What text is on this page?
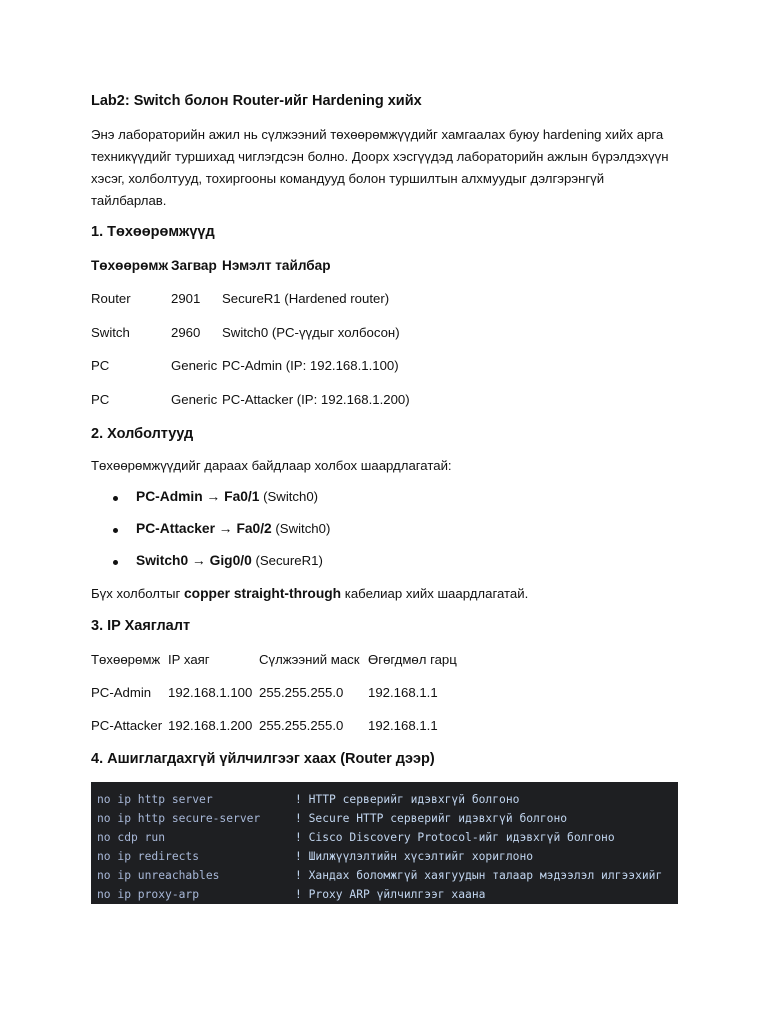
Lab2: Switch болон Router-ийг Hardening хийх
Энэ лабораторийн ажил нь сүлжээний төхөөрөмжүүдийг хамгаалах буюу hardening хийх арга техникүүдийг туршихад чиглэгдсэн болно. Доорх хэсгүүдэд лабораторийн ажлын бүрэлдэхүүн хэсэг, холболтууд, тохиргооны командууд болон туршилтын алхмуудыг дэлгэрэнгүй тайлбарлав.
1. Төхөөрөмжүүд
Төхөөрөмж Загвар Нэмэлт тайлбар
Router	2901 SecureR1 (Hardened router)
Switch	2960 Switch0 (PC-үүдыг холбосон)
PC	Generic PC-Admin (IP: 192.168.1.100)
PC	Generic PC-Attacker (IP: 192.168.1.200)
2. Холболтууд
Төхөөрөмжүүдийг дараах байдлаар холбох шаардлагатай:
PC-Admin → Fa0/1 (Switch0)
PC-Attacker → Fa0/2 (Switch0)
Switch0 → Gig0/0 (SecureR1)
Бүх холболтыг copper straight-through кабелиар хийх шаардлагатай.
3. IP Хаяглалт
Төхөөрөмж IP хаяг	Сүлжээний маск Өгөгдмөл гарц
PC-Admin 192.168.1.100 255.255.255.0 192.168.1.1
PC-Attacker 192.168.1.200 255.255.255.0 192.168.1.1
4. Ашиглагдахгүй үйлчилгээг хаах (Router дээр)
no ip http server	! HTTP серверийг идэвхгүй болгоно
no ip http secure-server	! Secure HTTP серверийг идэвхгүй болгоно
no cdp run	! Cisco Discovery Protocol-ийг идэвхгүй болгоно
no ip redirects	! Шилжүүлэлтийн хүсэлтийг хориглоно
no ip unreachables	! Хандах боломжгүй хаягуудын талаар мэдээлэл илгээхийг
no ip proxy-arp	! Proxy ARP үйлчилгээг хаана
